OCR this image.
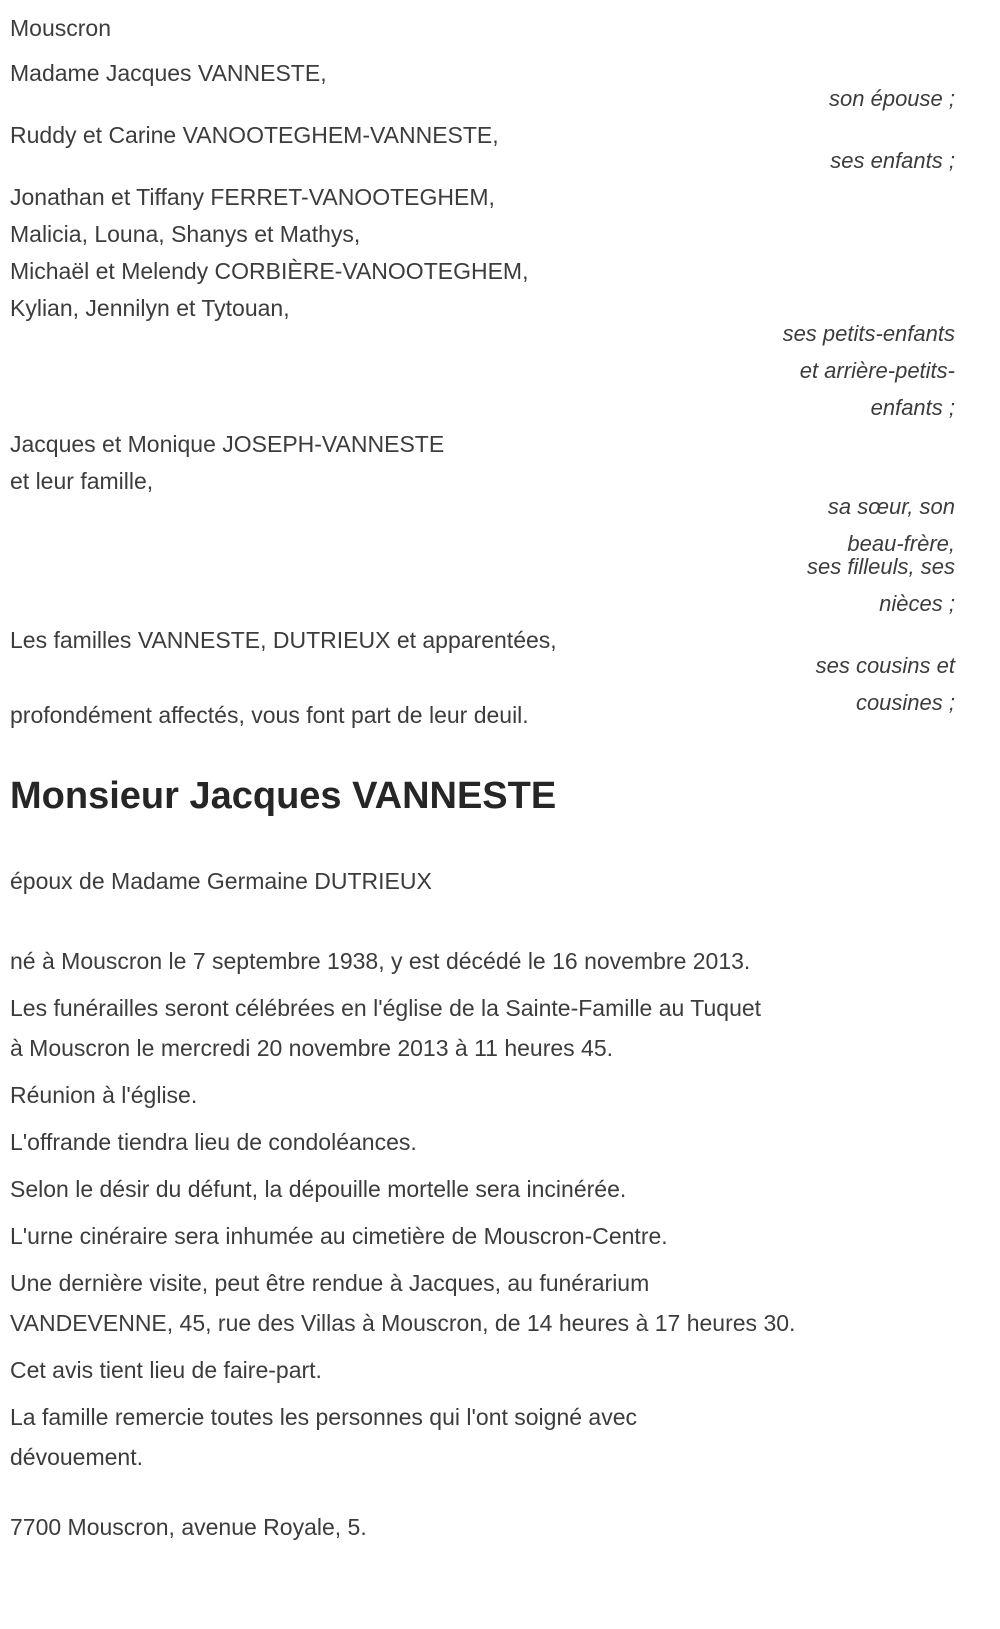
Mouscron
Madame Jacques VANNESTE,
son épouse ;
Ruddy et Carine VANOOTEGHEM-VANNESTE,
ses enfants ;
Jonathan et Tiffany FERRET-VANOOTEGHEM,
Malicia, Louna, Shanys et Mathys,
Michaël et Melendy CORBIÈRE-VANOOTEGHEM,
Kylian, Jennilyn et Tytouan,
ses petits-enfants
et arrière-petits-
enfants ;
Jacques et Monique JOSEPH-VANNESTE
et leur famille,
sa sœur, son
beau-frère,
ses filleuls, ses
nièces ;
Les familles VANNESTE, DUTRIEUX et apparentées,
ses cousins et
cousines ;
profondément affectés, vous font part de leur deuil.
Monsieur Jacques VANNESTE
époux de Madame Germaine DUTRIEUX
né à Mouscron le 7 septembre 1938, y est décédé le 16 novembre 2013.
Les funérailles seront célébrées en l'église de la Sainte-Famille au Tuquet
à Mouscron le mercredi 20 novembre 2013 à 11 heures 45.
Réunion à l'église.
L'offrande tiendra lieu de condoléances.
Selon le désir du défunt, la dépouille mortelle sera incinérée.
L'urne cinéraire sera inhumée au cimetière de Mouscron-Centre.
Une dernière visite, peut être rendue à Jacques, au funérarium
VANDEVENNE, 45, rue des Villas à Mouscron, de 14 heures à 17 heures 30.
Cet avis tient lieu de faire-part.
La famille remercie toutes les personnes qui l'ont soigné avec
dévouement.
7700 Mouscron, avenue Royale, 5.
